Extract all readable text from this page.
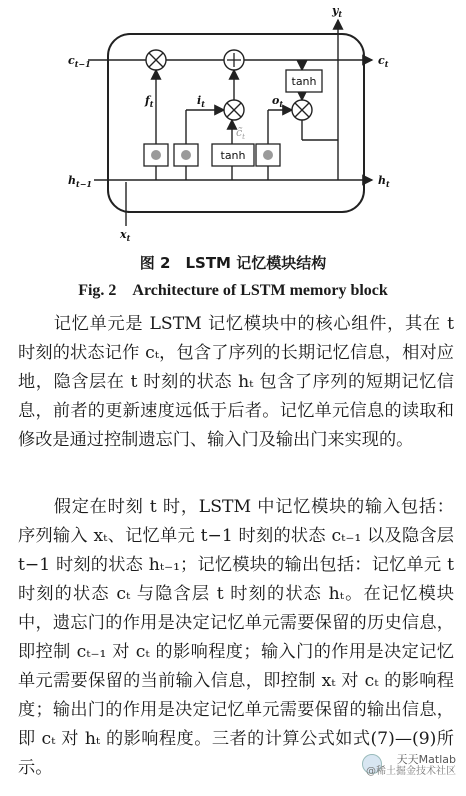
tanh
tanh
$c_{t-1}$	$c_t$
$h_{t-1}$	$h_t$
$x_t$
$y_t$
$f_t$	$i_t$	$o_t$
$c̃_t$
图 2　LSTM 记忆模块结构
Fig. 2　Architecture of LSTM memory block
记忆单元是 LSTM 记忆模块中的核心组件，其在 t 时刻的状态记作 cₜ，包含了序列的长期记忆信息，相对应地，隐含层在 t 时刻的状态 hₜ 包含了序列的短期记忆信息，前者的更新速度远低于后者。记忆单元信息的读取和修改是通过控制遗忘门、输入门及输出门来实现的。
假定在时刻 t 时，LSTM 中记忆模块的输入包括：序列输入 xₜ、记忆单元 t−1 时刻的状态 cₜ₋₁ 以及隐含层 t−1 时刻的状态 hₜ₋₁；记忆模块的输出包括：记忆单元 t 时刻的状态 cₜ 与隐含层 t 时刻的状态 hₜ。在记忆模块中，遗忘门的作用是决定记忆单元需要保留的历史信息，即控制 cₜ₋₁ 对 cₜ 的影响程度；输入门的作用是决定记忆单元需要保留的当前输入信息，即控制 xₜ 对 cₜ 的影响程度；输出门的作用是决定记忆单元需要保留的输出信息，即 cₜ 对 hₜ 的影响程度。三者的计算公式如式(7)—(9)所示。	天天Matlab
@稀土掘金技术社区
